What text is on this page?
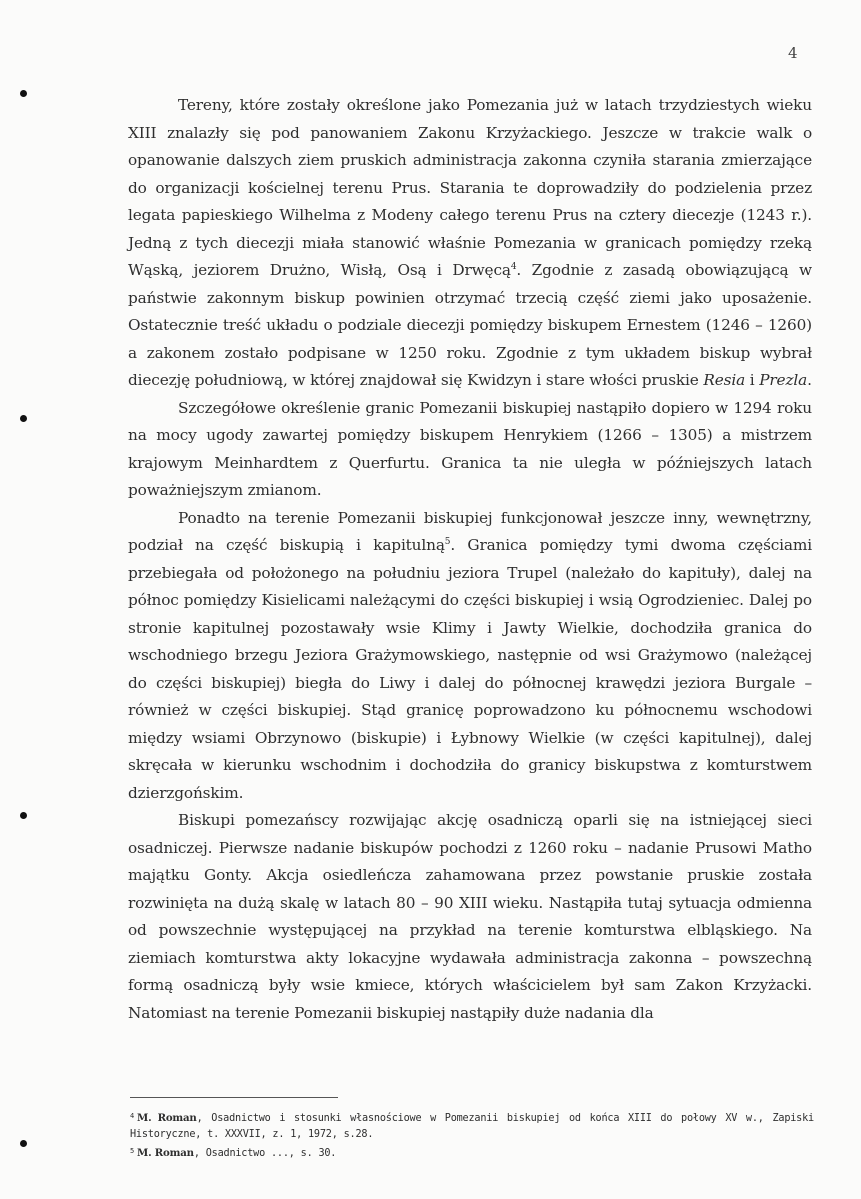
4

Tereny, które zostały określone jako Pomezania już w latach trzydziestych wieku XIII znalazły się pod panowaniem Zakonu Krzyżackiego. Jeszcze w trakcie walk o opanowanie dalszych ziem pruskich administracja zakonna czyniła starania zmierzające do organizacji kościelnej terenu Prus. Starania te doprowadziły do podzielenia przez legata papieskiego Wilhelma z Modeny całego terenu Prus na cztery diecezje (1243 r.). Jedną z tych diecezji miała stanowić właśnie Pomezania w granicach pomiędzy rzeką Wąską, jeziorem Drużno, Wisłą, Osą i Drwęcą$^4$. Zgodnie z zasadą obowiązującą w państwie zakonnym biskup powinien otrzymać trzecią część ziemi jako uposażenie. Ostatecznie treść układu o podziale diecezji pomiędzy biskupem Ernestem (1246 – 1260) a zakonem zostało podpisane w 1250 roku. Zgodnie z tym układem biskup wybrał diecezję południową, w której znajdował się Kwidzyn i stare włości pruskie Resia i Prezla.

Szczegółowe określenie granic Pomezanii biskupiej nastąpiło dopiero w 1294 roku na mocy ugody zawartej pomiędzy biskupem Henrykiem (1266 – 1305) a mistrzem krajowym Meinhardtem z Querfurtu. Granica ta nie uległa w późniejszych latach poważniejszym zmianom.

Ponadto na terenie Pomezanii biskupiej funkcjonował jeszcze inny, wewnętrzny, podział na część biskupią i kapitulną$^5$. Granica pomiędzy tymi dwoma częściami przebiegała od położonego na południu jeziora Trupel (należało do kapituły), dalej na północ pomiędzy Kisielicami należącymi do części biskupiej i wsią Ogrodzieniec. Dalej po stronie kapitulnej pozostawały wsie Klimy i Jawty Wielkie, dochodziła granica do wschodniego brzegu Jeziora Grażymowskiego, następnie od wsi Grażymowo (należącej do części biskupiej) biegła do Liwy i dalej do północnej krawędzi jeziora Burgale – również w części biskupiej. Stąd granicę poprowadzono ku północnemu wschodowi między wsiami Obrzynowo (biskupie) i Łybnowy Wielkie (w części kapitulnej), dalej skręcała w kierunku wschodnim i dochodziła do granicy biskupstwa z komturstwem dzierzgońskim.

Biskupi pomezańscy rozwijając akcję osadniczą oparli się na istniejącej sieci osadniczej. Pierwsze nadanie biskupów pochodzi z 1260 roku – nadanie Prusowi Matho majątku Gonty. Akcja osiedleńcza zahamowana przez powstanie pruskie została rozwinięta na dużą skalę w latach 80 – 90 XIII wieku. Nastąpiła tutaj sytuacja odmienna od powszechnie występującej na przykład na terenie komturstwa elbląskiego. Na ziemiach komturstwa akty lokacyjne wydawała administracja zakonna – powszechną formą osadniczą były wsie kmiece, których właścicielem był sam Zakon Krzyżacki. Natomiast na terenie Pomezanii biskupiej nastąpiły duże nadania dla

$^4$ M. Roman, Osadnictwo i stosunki własnościowe w Pomezanii biskupiej od końca XIII do połowy XV w., Zapiski Historyczne, t. XXXVII, z. 1, 1972, s.28.
$^5$ M. Roman, Osadnictwo ..., s. 30.
